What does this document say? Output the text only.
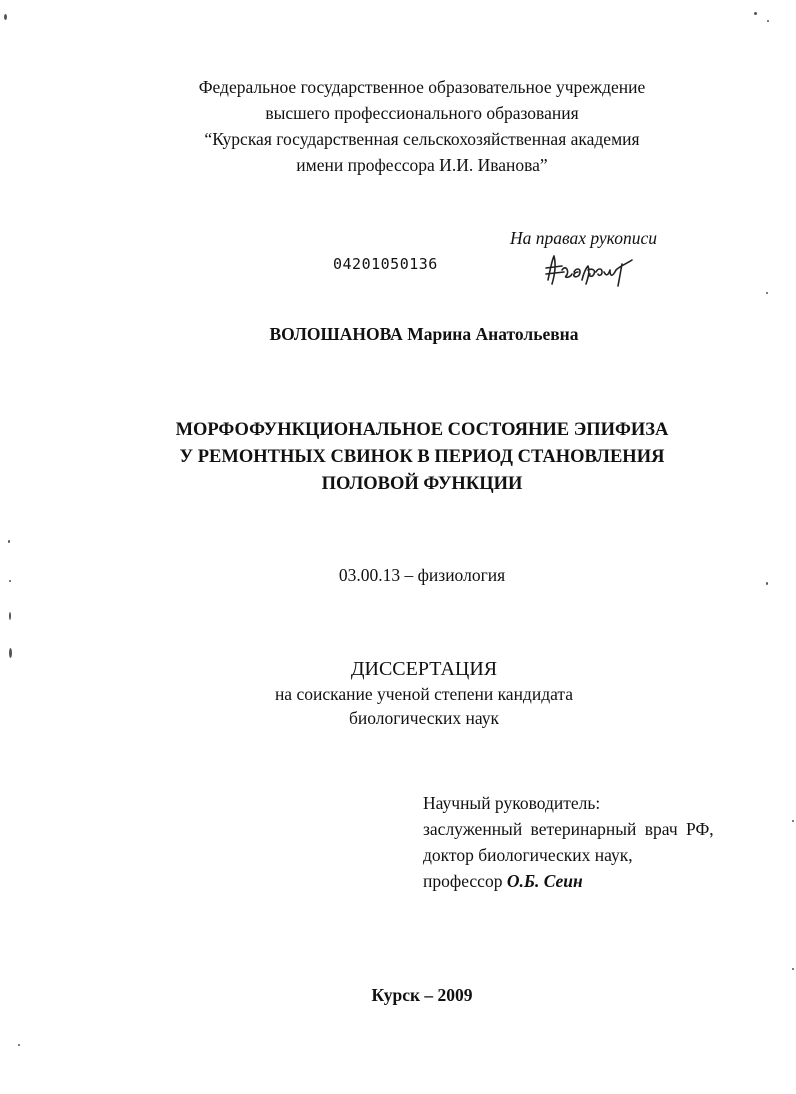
Федеральное государственное образовательное учреждение
высшего профессионального образования
“Курская государственная сельскохозяйственная академия
имени профессора И.И. Иванова”
На правах рукописи
04201050136
ВОЛОШАНОВА Марина Анатольевна
МОРФОФУНКЦИОНАЛЬНОЕ СОСТОЯНИЕ ЭПИФИЗА
У РЕМОНТНЫХ СВИНОК В ПЕРИОД СТАНОВЛЕНИЯ
ПОЛОВОЙ ФУНКЦИИ
03.00.13 – физиология
ДИССЕРТАЦИЯ
на соискание ученой степени кандидата
биологических наук
Научный руководитель:
заслуженный ветеринарный врач РФ,
доктор биологических наук,
профессор О.Б. Сеин
Курск – 2009
